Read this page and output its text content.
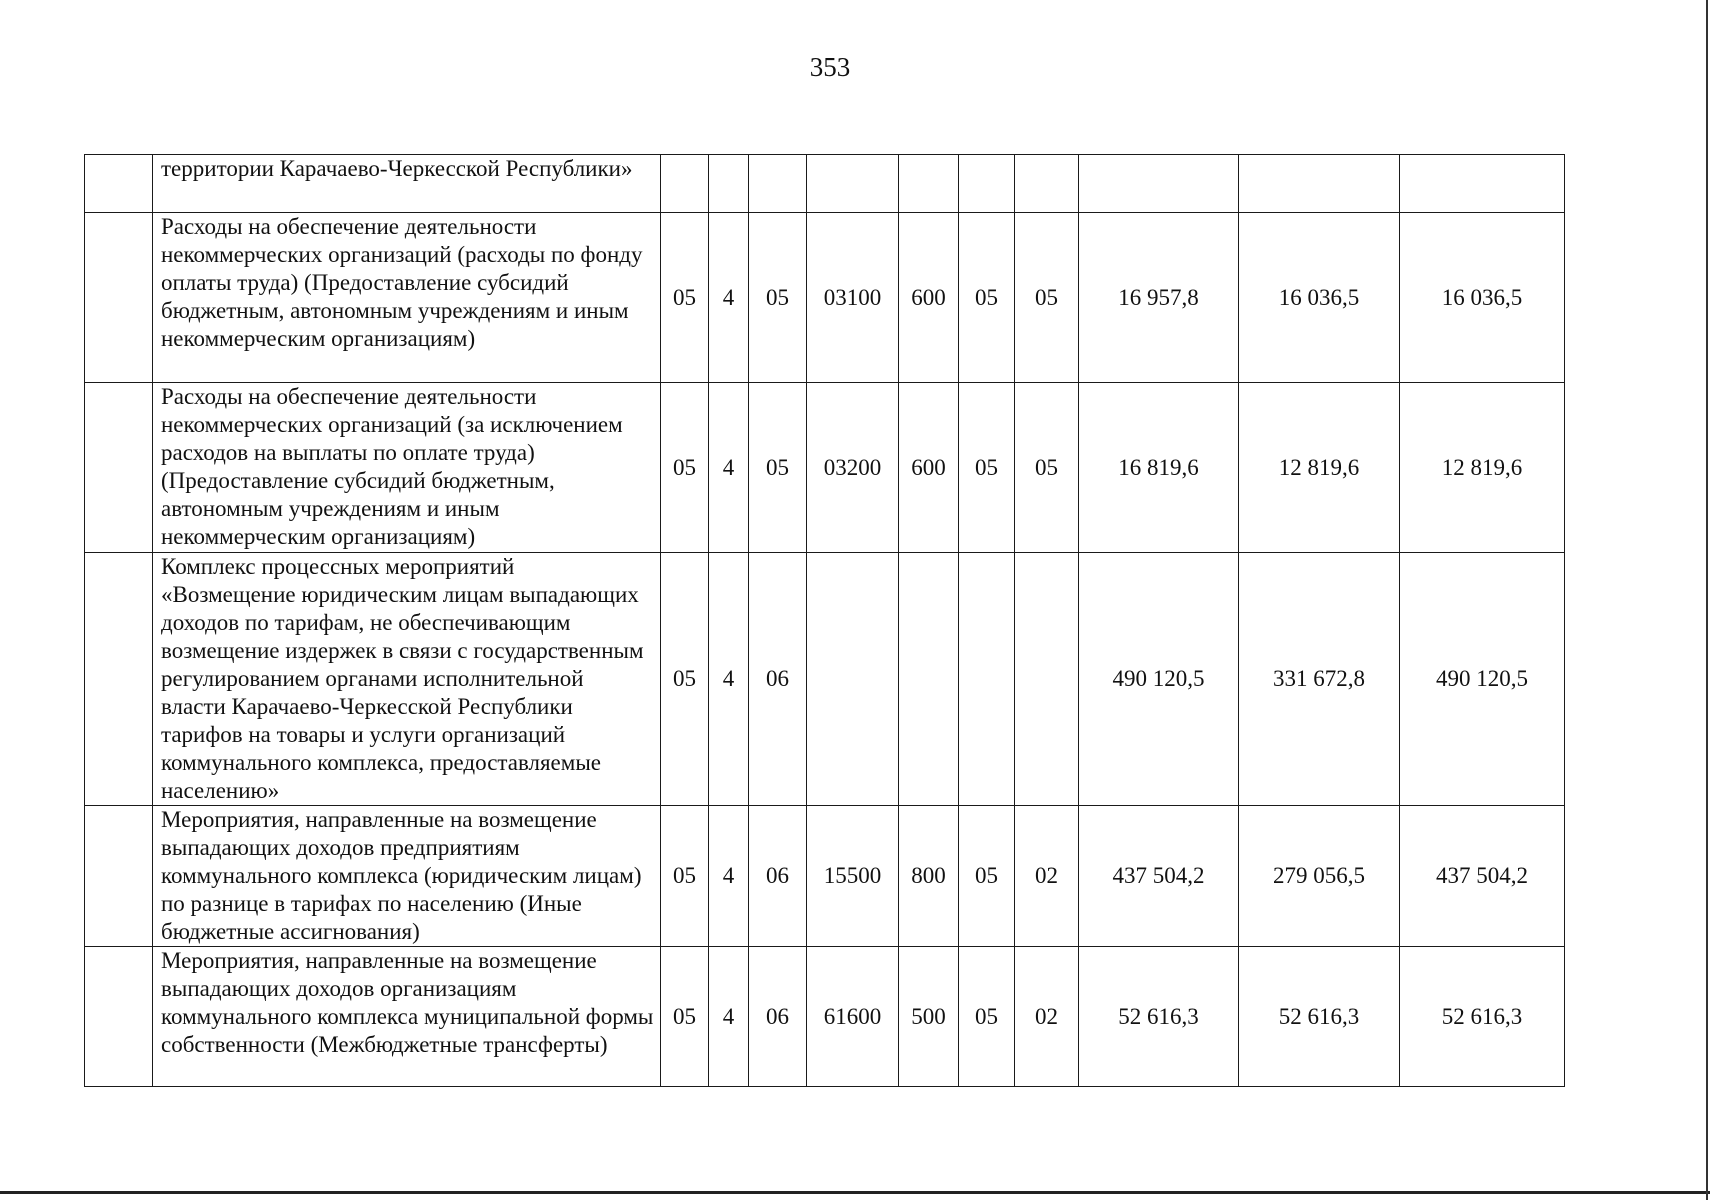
353
	территории Карачаево-Черкесской Республики»										
	Расходы на обеспечение деятельности некоммерческих организаций (расходы по фонду оплаты труда) (Предоставление субсидий бюджетным, автономным учреждениям и иным некоммерческим организациям)	05	4	05	03100	600	05	05	16 957,8	16 036,5	16 036,5
	Расходы на обеспечение деятельности некоммерческих организаций (за исключением расходов на выплаты по оплате труда) (Предоставление субсидий бюджетным, автономным учреждениям и иным некоммерческим организациям)	05	4	05	03200	600	05	05	16 819,6	12 819,6	12 819,6
	Комплекс процессных мероприятий «Возмещение юридическим лицам выпадающих доходов по тарифам, не обеспечивающим возмещение издержек в связи с государственным регулированием органами исполнительной власти Карачаево-Черкесской Республики тарифов на товары и услуги организаций коммунального комплекса, предоставляемые населению»	05	4	06					490 120,5	331 672,8	490 120,5
	Мероприятия, направленные на возмещение выпадающих доходов предприятиям коммунального комплекса (юридическим лицам) по разнице в тарифах по населению (Иные бюджетные ассигнования)	05	4	06	15500	800	05	02	437 504,2	279 056,5	437 504,2
	Мероприятия, направленные на возмещение выпадающих доходов организациям коммунального комплекса муниципальной формы собственности (Межбюджетные трансферты)	05	4	06	61600	500	05	02	52 616,3	52 616,3	52 616,3
